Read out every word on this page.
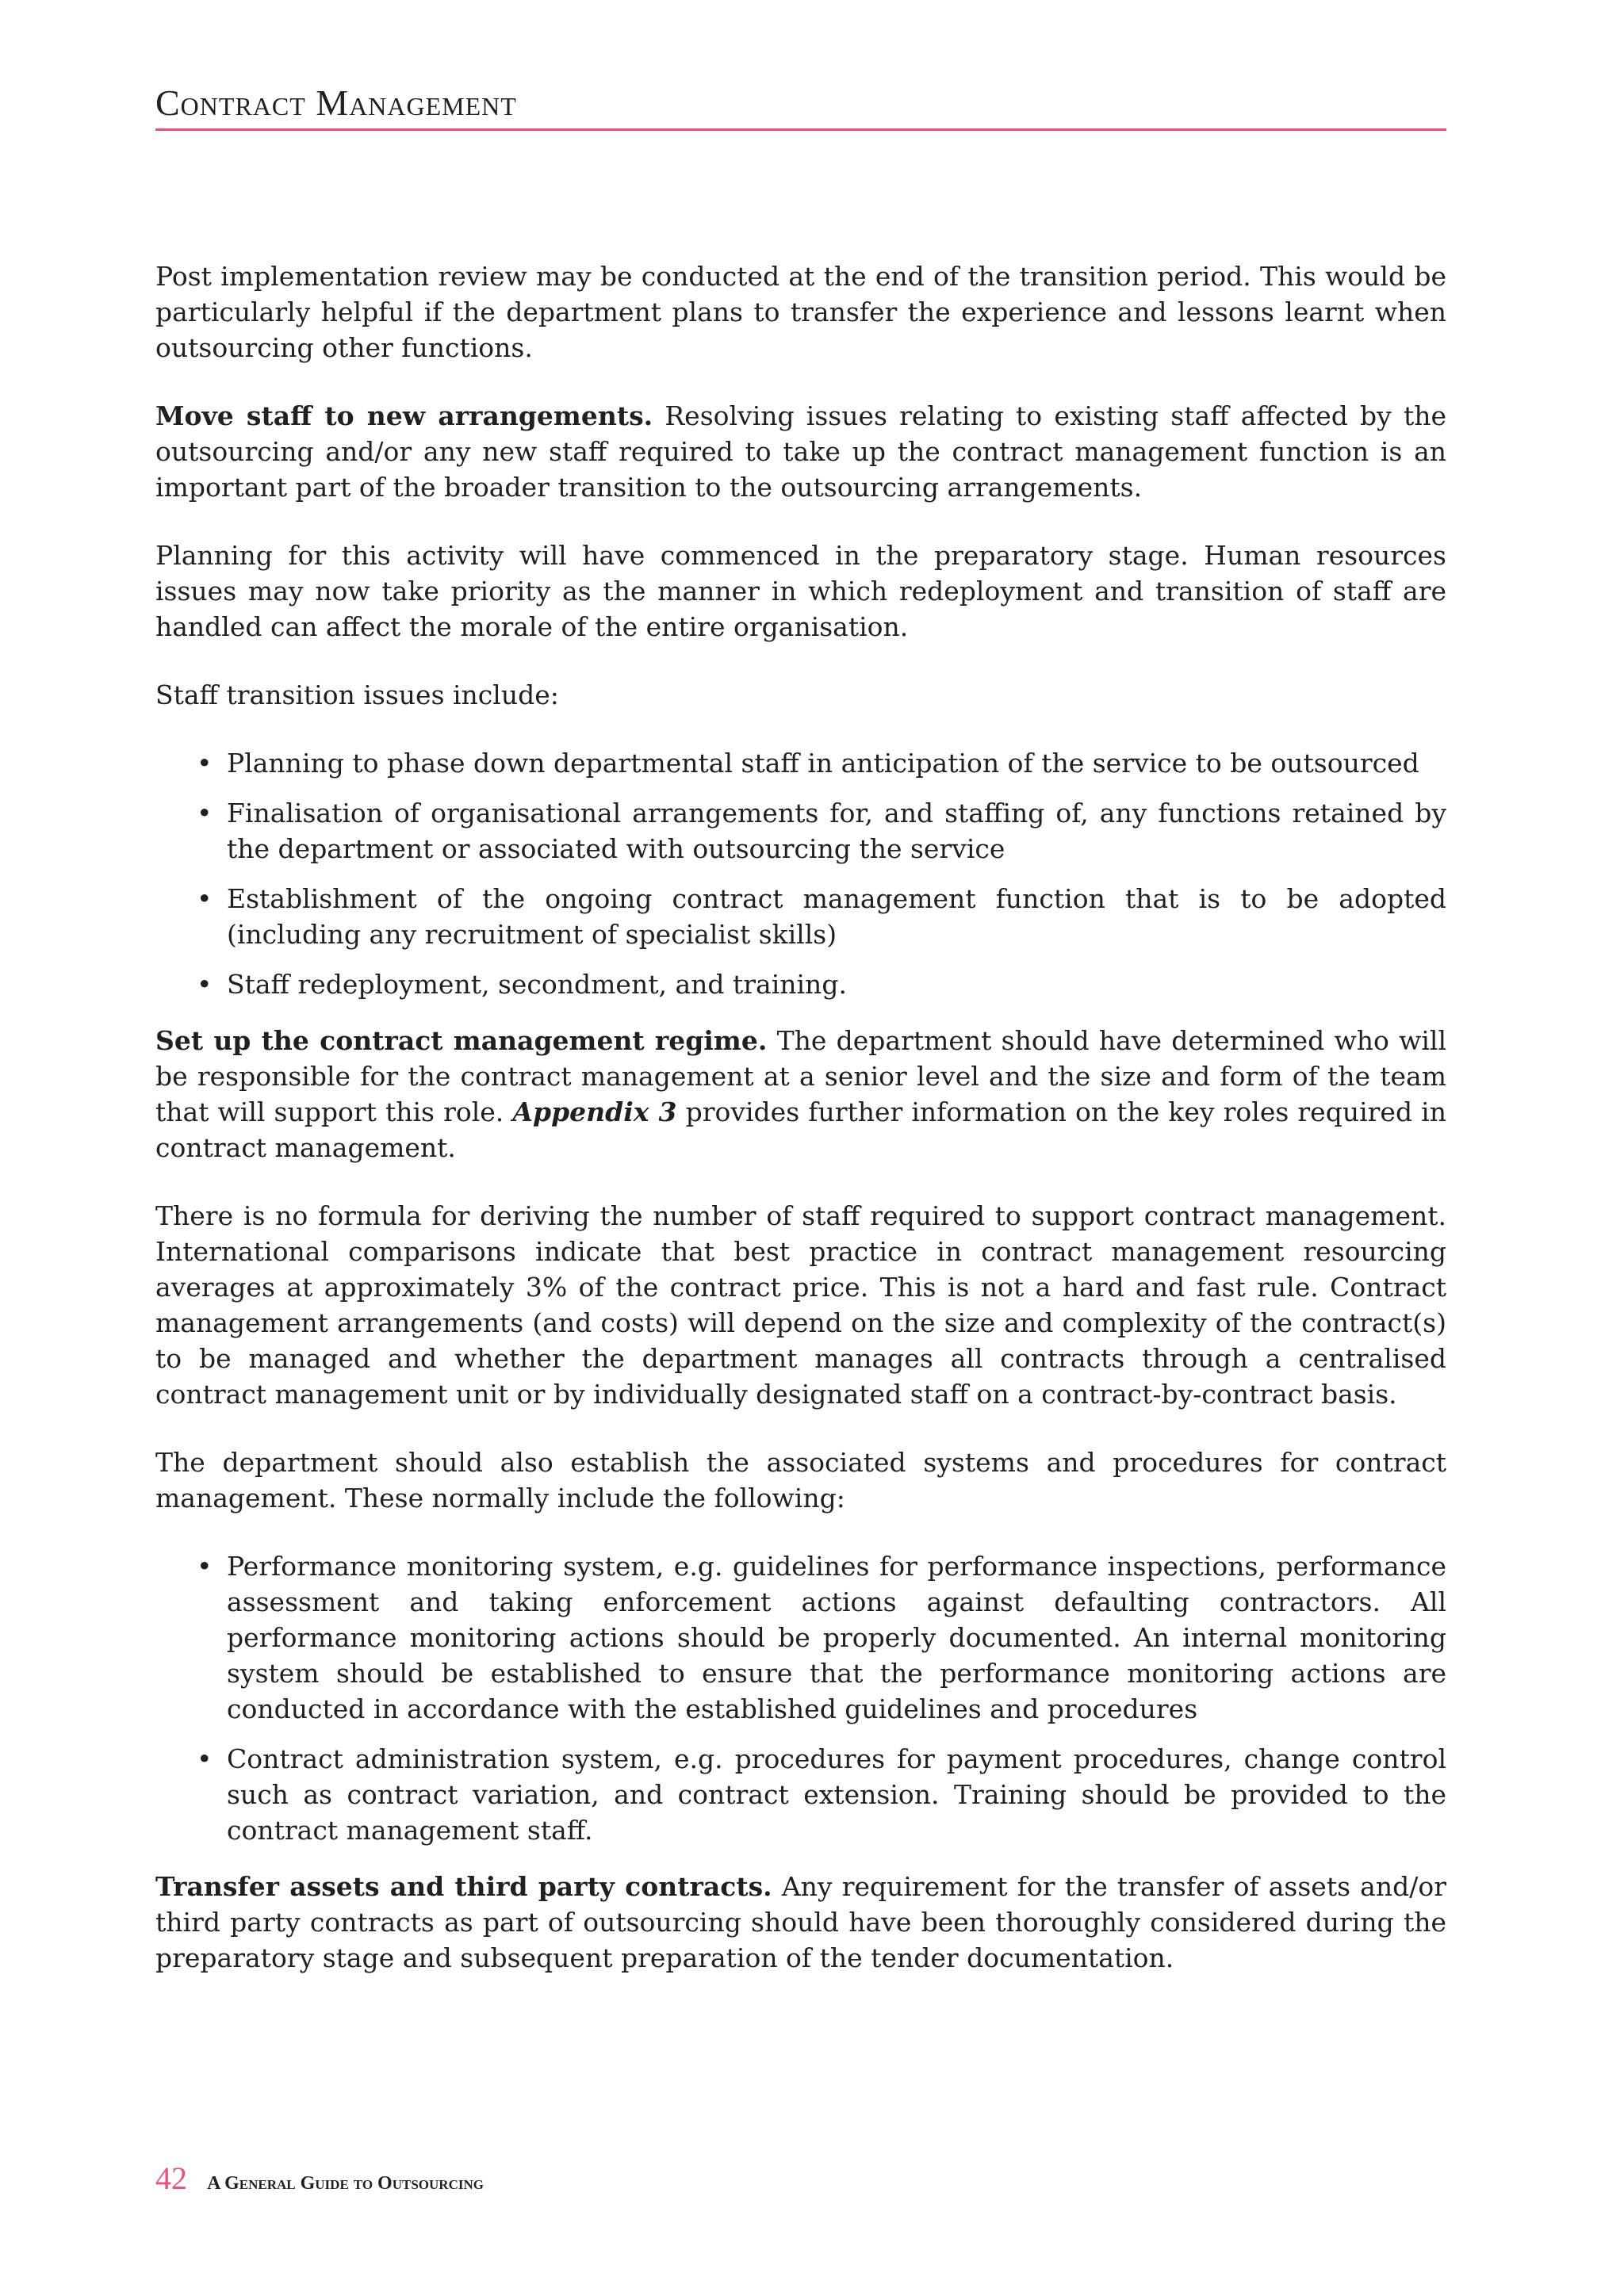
Contract Management

Post implementation review may be conducted at the end of the transition period. This would be particularly helpful if the department plans to transfer the experience and lessons learnt when outsourcing other functions.

Move staff to new arrangements. Resolving issues relating to existing staff affected by the outsourcing and/or any new staff required to take up the contract management function is an important part of the broader transition to the outsourcing arrangements.

Planning for this activity will have commenced in the preparatory stage. Human resources issues may now take priority as the manner in which redeployment and transition of staff are handled can affect the morale of the entire organisation.

Staff transition issues include:

• Planning to phase down departmental staff in anticipation of the service to be outsourced
• Finalisation of organisational arrangements for, and staffing of, any functions retained by the department or associated with outsourcing the service
• Establishment of the ongoing contract management function that is to be adopted (including any recruitment of specialist skills)
• Staff redeployment, secondment, and training.

Set up the contract management regime. The department should have determined who will be responsible for the contract management at a senior level and the size and form of the team that will support this role. Appendix 3 provides further information on the key roles required in contract management.

There is no formula for deriving the number of staff required to support contract management. International comparisons indicate that best practice in contract management resourcing averages at approximately 3% of the contract price. This is not a hard and fast rule. Contract management arrangements (and costs) will depend on the size and complexity of the contract(s) to be managed and whether the department manages all contracts through a centralised contract management unit or by individually designated staff on a contract-by-contract basis.

The department should also establish the associated systems and procedures for contract management. These normally include the following:

• Performance monitoring system, e.g. guidelines for performance inspections, performance assessment and taking enforcement actions against defaulting contractors. All performance monitoring actions should be properly documented. An internal monitoring system should be established to ensure that the performance monitoring actions are conducted in accordance with the established guidelines and procedures
• Contract administration system, e.g. procedures for payment procedures, change control such as contract variation, and contract extension. Training should be provided to the contract management staff.

Transfer assets and third party contracts. Any requirement for the transfer of assets and/or third party contracts as part of outsourcing should have been thoroughly considered during the preparatory stage and subsequent preparation of the tender documentation.

42 A General Guide to Outsourcing
